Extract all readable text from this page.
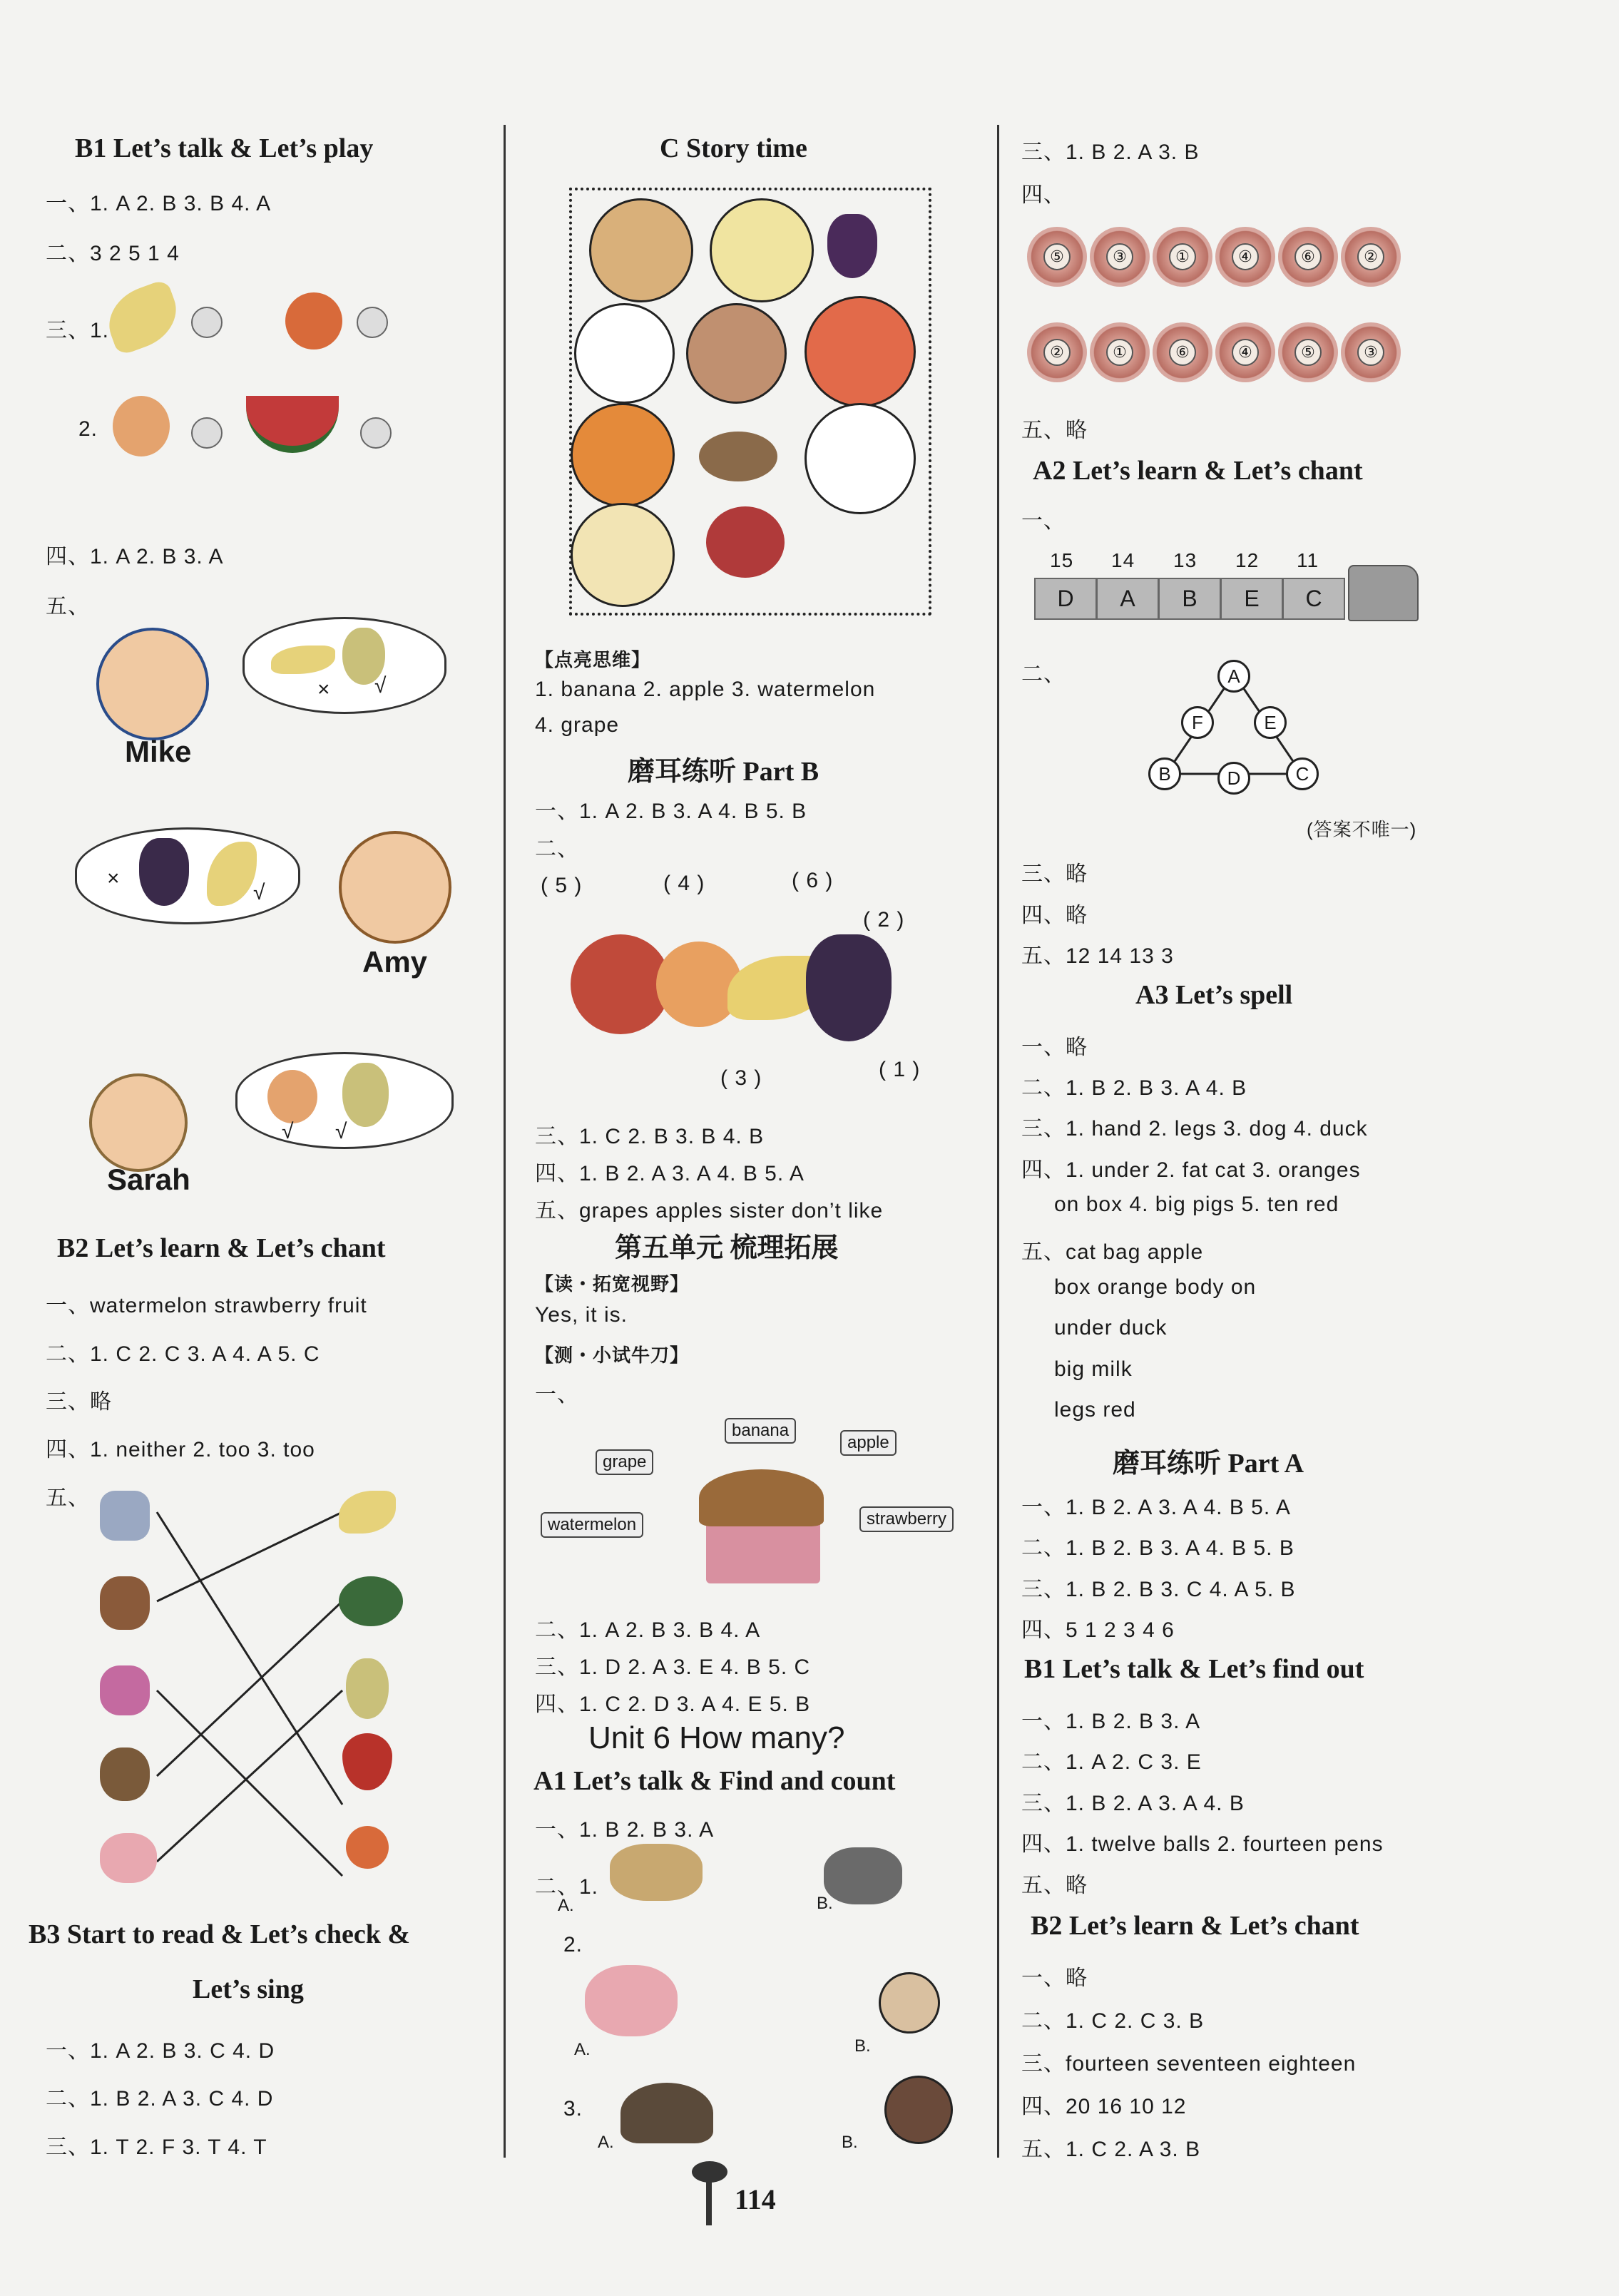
B1 Let’s talk & Let’s play
一、1. A 2. B 3. B 4. A
二、3 2 5 1 4
三、1.
2.
四、1. A 2. B 3. A
五、
× √
Mike
×
√
Amy
√ √
Sarah
B2 Let’s learn & Let’s chant
一、watermelon strawberry fruit
二、1. C 2. C 3. A 4. A 5. C
三、略
四、1. neither 2. too 3. too
五、
B3 Start to read & Let’s check &
Let’s sing
一、1. A 2. B 3. C 4. D
二、1. B 2. A 3. C 4. D
三、1. T 2. F 3. T 4. T
C Story time
【点亮思维】
1. banana 2. apple 3. watermelon
4. grape
磨耳练听 Part B
一、1. A 2. B 3. A 4. B 5. B
二、
( 5 )	( 4 )	( 6 )
( 2 )
( 3 )	( 1 )
三、1. C 2. B 3. B 4. B
四、1. B 2. A 3. A 4. B 5. A
五、grapes apples sister don’t like
第五单元 梳理拓展
【读・拓宽视野】
Yes, it is.
【测・小试牛刀】
一、
banana
apple
grape
watermelon	strawberry
二、1. A 2. B 3. B 4. A
三、1. D 2. A 3. E 4. B 5. C
四、1. C 2. D 3. A 4. E 5. B
Unit 6 How many?
A1 Let’s talk & Find and count
一、1. B 2. B 3. A
二、1.
A.	B.
2.
A.	B.
3.
A.	B.
三、1. B 2. A 3. B
四、
⑤	③	①	④	⑥	②
②	①	⑥	④	⑤	③
五、略
A2 Let’s learn & Let’s chant
一、
15 14 13 12 11
D A B E C
二、	A
F	E
B	D	C
(答案不唯一)
三、略
四、略
五、12 14 13 3
A3 Let’s spell
一、略
二、1. B 2. B 3. A 4. B
三、1. hand 2. legs 3. dog 4. duck
四、1. under 2. fat cat 3. oranges
on box 4. big pigs 5. ten red
五、cat bag apple
box orange body on
under duck
big milk
legs red
磨耳练听 Part A
一、1. B 2. A 3. A 4. B 5. A
二、1. B 2. B 3. A 4. B 5. B
三、1. B 2. B 3. C 4. A 5. B
四、5 1 2 3 4 6
B1 Let’s talk & Let’s find out
一、1. B 2. B 3. A
二、1. A 2. C 3. E
三、1. B 2. A 3. A 4. B
四、1. twelve balls 2. fourteen pens
五、略
B2 Let’s learn & Let’s chant
一、略
二、1. C 2. C 3. B
三、fourteen seventeen eighteen
四、20 16 10 12
五、1. C 2. A 3. B
114
